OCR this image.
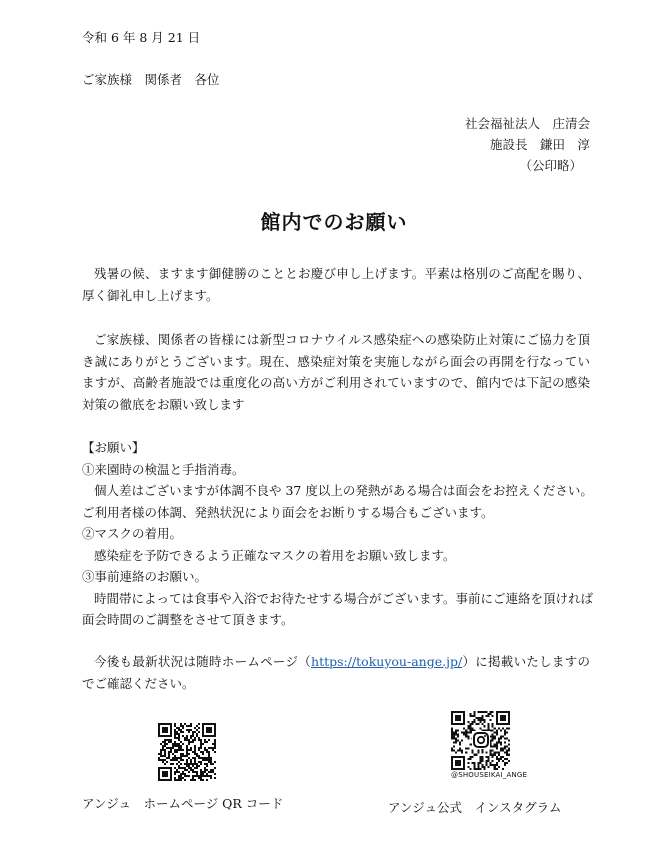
令和 6 年 8 月 21 日
ご家族様　関係者　各位
社会福祉法人　庄清会
施設長　鎌田　淳
（公印略）
館内でのお願い
残暑の候、ますます御健勝のこととお慶び申し上げます。平素は格別のご高配を賜り、厚く御礼申し上げます。
ご家族様、関係者の皆様には新型コロナウイルス感染症への感染防止対策にご協力を頂き誠にありがとうございます。現在、感染症対策を実施しながら面会の再開を行なっていますが、高齢者施設では重度化の高い方がご利用されていますので、館内では下記の感染対策の徹底をお願い致します
【お願い】
①来園時の検温と手指消毒。
個人差はございますが体調不良や 37 度以上の発熱がある場合は面会をお控えください。
ご利用者様の体調、発熱状況により面会をお断りする場合もございます。
②マスクの着用。
感染症を予防できるよう正確なマスクの着用をお願い致します。
③事前連絡のお願い。
時間帯によっては食事や入浴でお待たせする場合がございます。事前にご連絡を頂ければ
面会時間のご調整をさせて頂きます。
今後も最新状況は随時ホームページ（https://tokuyou-ange.jp/）に掲載いたしますのでご確認ください。
アンジュ　ホームページ QR コード
@SHOUSEIKAI_ANGE
アンジュ公式　インスタグラム
